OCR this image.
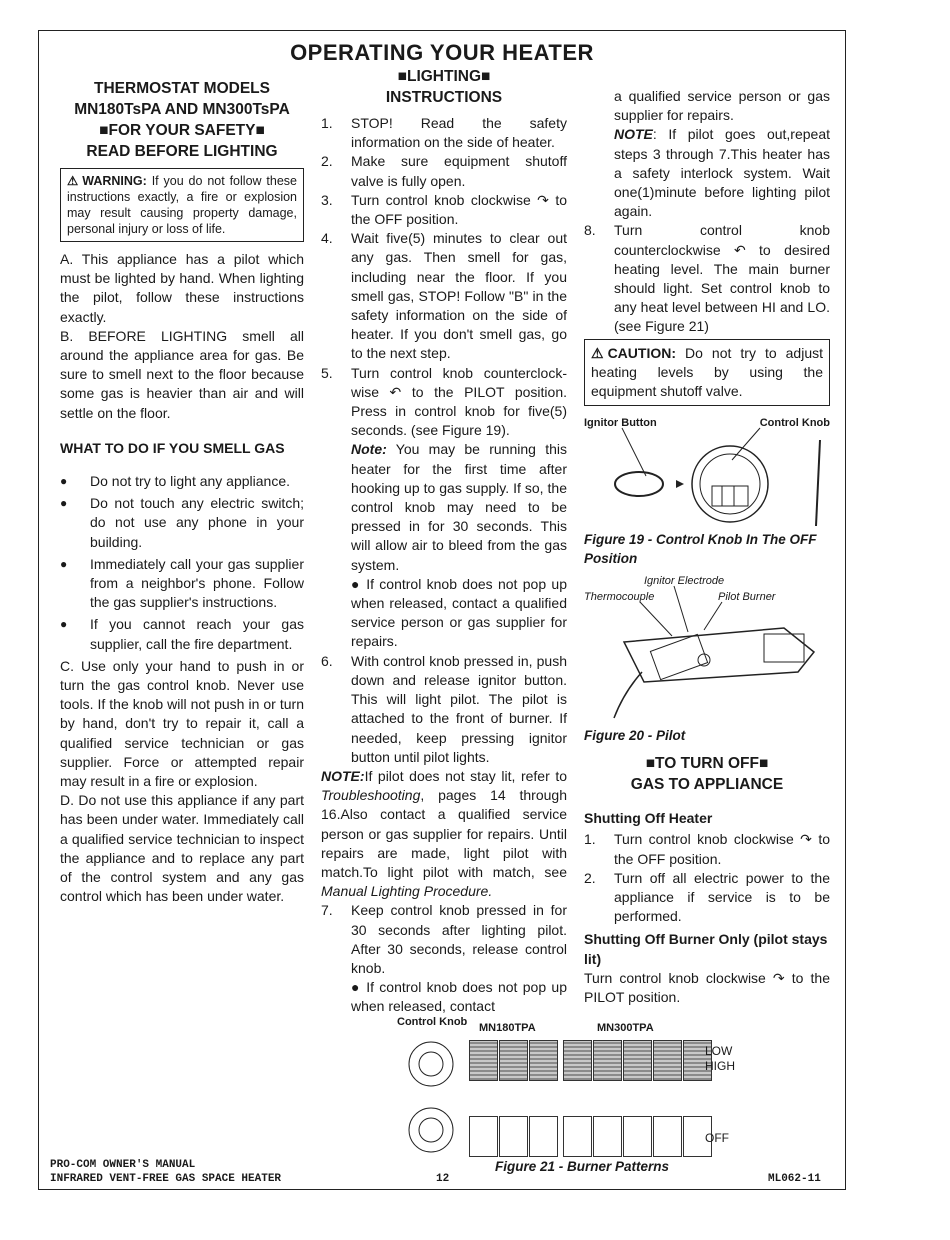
OPERATING YOUR HEATER
THERMOSTAT MODELS
MN180TsPA AND MN300TsPA
■FOR YOUR SAFETY■
READ BEFORE LIGHTING
⚠ WARNING: If you do not follow these instructions exactly, a fire or explosion may result causing property damage, personal injury or loss of life.
A. This appliance has a pilot which must be lighted by hand. When lighting the pilot, follow these instructions exactly.
B. BEFORE LIGHTING smell all around the appliance area for gas. Be sure to smell next to the floor because some gas is heavier than air and will settle on the floor.
WHAT TO DO IF YOU SMELL GAS
●	Do not try to light any appliance.
●	Do not touch any electric switch; do not use any phone in your building.
●	Immediately call your gas supplier from a neighbor's phone. Follow the gas supplier's instructions.
●	If you cannot reach your gas supplier, call the fire department.
C. Use only your hand to push in or turn the gas control knob. Never use tools. If the knob will not push in or turn by hand, don't try to repair it, call a qualified service technician or gas supplier. Force or attempted repair may result in a fire or explosion.
D. Do not use this appliance if any part has been under water. Immediately call a qualified service technician to inspect the appliance and to replace any part of the control system and any gas control which has been under water.
■LIGHTING■
INSTRUCTIONS
1.	STOP! Read the safety information on the side of heater.
2.	Make sure equipment shutoff valve is fully open.
3.	Turn control knob clockwise ↷ to the OFF position.
4.	Wait five(5) minutes to clear out any gas. Then smell for gas, including near the floor. If you smell gas, STOP! Follow "B" in the safety information on the side of heater. If you don't smell gas, go to the next step.
5.	Turn control knob counterclock- wise ↶ to the PILOT position. Press in control knob for five(5) seconds. (see Figure 19).
Note: You may be running this heater for the first time after hooking up to gas supply. If so, the control knob may need to be pressed in for 30 seconds. This will allow air to bleed from the gas system.
● If control knob does not pop up when released, contact a qualified service person or gas supplier for repairs.
6.	With control knob pressed in, push down and release ignitor button. This will light pilot. The pilot is attached to the front of burner. If needed, keep pressing ignitor button until pilot lights.
NOTE:If pilot does not stay lit, refer to Troubleshooting, pages 14 through 16.Also contact a qualified service person or gas supplier for repairs. Until repairs are made, light pilot with match.To light pilot with match, see Manual Lighting Procedure.
7.	Keep control knob pressed in for 30 seconds after lighting pilot. After 30 seconds, release control knob.
● If control knob does not pop up when released, contact
a qualified service person or gas supplier for repairs.
NOTE: If pilot goes out,repeat steps 3 through 7.This heater has a safety interlock system. Wait one(1)minute before lighting pilot again.
8.	Turn control knob counterclockwise ↶ to desired heating level. The main burner should light. Set control knob to any heat level between HI and LO.(see Figure 21)
⚠ CAUTION: Do not try to adjust heating levels by using the equipment shutoff valve.
Ignitor Button	Control Knob
Figure 19 - Control Knob In The OFF Position
Ignitor Electrode
Thermocouple	Pilot Burner
Figure 20 - Pilot
■TO TURN OFF■
GAS TO APPLIANCE
Shutting Off Heater
1.	Turn control knob clockwise ↷ to the OFF position.
2.	Turn off all electric power to the appliance if service is to be performed.
Shutting Off Burner Only (pilot stays lit)
Turn control knob clockwise ↷ to the PILOT position.
Control Knob MN180TPA	MN300TPA
LOW
HIGH
OFF
Figure 21 - Burner Patterns
PRO-COM OWNER'S MANUAL
INFRARED VENT-FREE GAS SPACE HEATER	12	ML062-11
